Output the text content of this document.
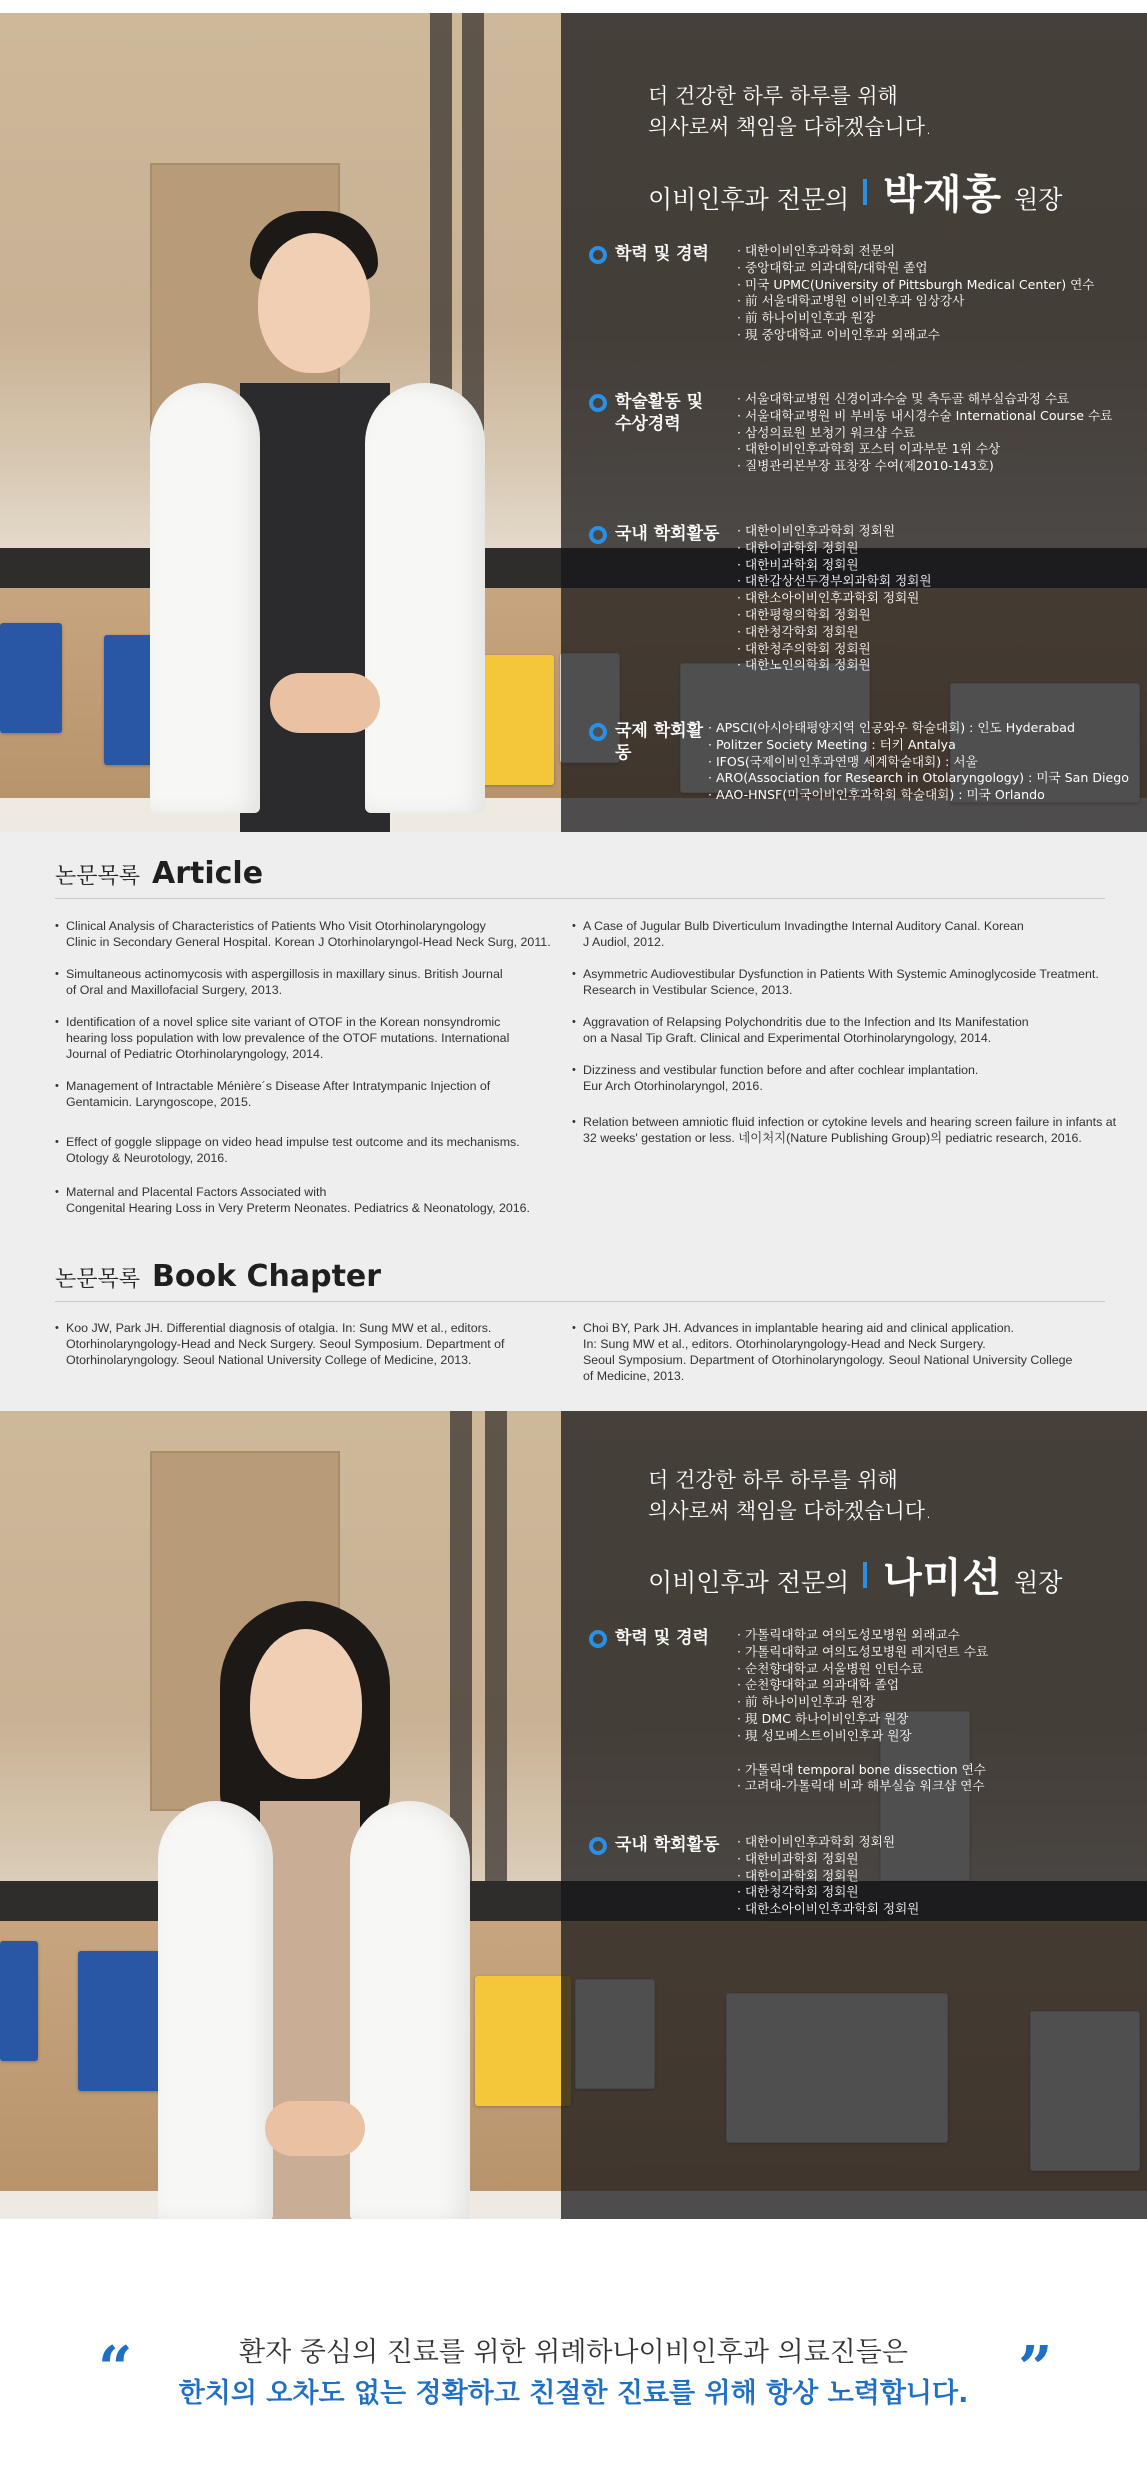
더 건강한 하루 하루를 위해
의사로써 책임을 다하겠습니다.
이비인후과 전문의 박재홍 원장
학력 및 경력	· 대한이비인후과학회 전문의
· 중앙대학교 의과대학/대학원 졸업
· 미국 UPMC(University of Pittsburgh Medical Center) 연수
· 前 서울대학교병원 이비인후과 임상강사
· 前 하나이비인후과 원장
· 現 중앙대학교 이비인후과 외래교수
학술활동 및
수상경력
· 서울대학교병원 신경이과수술 및 측두골 해부실습과정 수료
· 서울대학교병원 비 부비동 내시경수술 International Course 수료
· 삼성의료원 보청기 워크샵 수료
· 대한이비인후과학회 포스터 이과부문 1위 수상
· 질병관리본부장 표창장 수여(제2010-143호)
국내 학회활동	· 대한이비인후과학회 정회원
· 대한이과학회 정회원
· 대한비과학회 정회원
· 대한갑상선두경부외과학회 정회원
· 대한소아이비인후과학회 정회원
· 대한평형의학회 정회원
· 대한청각학회 정회원
· 대한청주의학회 정회원
· 대한노인의학회 정회원
국제 학회활동
· APSCI(아시아태평양지역 인공와우 학술대회) : 인도 Hyderabad
· Politzer Society Meeting : 터키 Antalya
· IFOS(국제이비인후과연맹 세계학술대회) : 서울
· ARO(Association for Research in Otolaryngology) : 미국 San Diego
· AAO-HNSF(미국이비인후과학회 학술대회) : 미국 Orlando
논문목록 Article
• Clinical Analysis of Characteristics of Patients Who Visit Otorhinolaryngology
Clinic in Secondary General Hospital. Korean J Otorhinolaryngol-Head Neck Surg, 2011.
• Simultaneous actinomycosis with aspergillosis in maxillary sinus. British Journal
of Oral and Maxillofacial Surgery, 2013.
• Identification of a novel splice site variant of OTOF in the Korean nonsyndromic
hearing loss population with low prevalence of the OTOF mutations. International
Journal of Pediatric Otorhinolaryngology, 2014.
• Management of Intractable Ménière´s Disease After Intratympanic Injection of
Gentamicin. Laryngoscope, 2015.
• Effect of goggle slippage on video head impulse test outcome and its mechanisms.
Otology & Neurotology, 2016.
• Maternal and Placental Factors Associated with
Congenital Hearing Loss in Very Preterm Neonates. Pediatrics & Neonatology, 2016.
• A Case of Jugular Bulb Diverticulum Invadingthe Internal Auditory Canal. Korean
J Audiol, 2012.
• Asymmetric Audiovestibular Dysfunction in Patients With Systemic Aminoglycoside Treatment.
Research in Vestibular Science, 2013.
• Aggravation of Relapsing Polychondritis due to the Infection and Its Manifestation
on a Nasal Tip Graft. Clinical and Experimental Otorhinolaryngology, 2014.
• Dizziness and vestibular function before and after cochlear implantation.
Eur Arch Otorhinolaryngol, 2016.
• Relation between amniotic fluid infection or cytokine levels and hearing screen failure in infants at
32 weeks' gestation or less. 네이처지(Nature Publishing Group)의 pediatric research, 2016.
논문목록 Book Chapter
• Koo JW, Park JH. Differential diagnosis of otalgia. In: Sung MW et al., editors.
Otorhinolaryngology-Head and Neck Surgery. Seoul Symposium. Department of
Otorhinolaryngology. Seoul National University College of Medicine, 2013.
• Choi BY, Park JH. Advances in implantable hearing aid and clinical application.
In: Sung MW et al., editors. Otorhinolaryngology-Head and Neck Surgery.
Seoul Symposium. Department of Otorhinolaryngology. Seoul National University College
of Medicine, 2013.
더 건강한 하루 하루를 위해
의사로써 책임을 다하겠습니다.
이비인후과 전문의 나미선 원장
학력 및 경력	· 가톨릭대학교 여의도성모병원 외래교수
· 가톨릭대학교 여의도성모병원 레지던트 수료
· 순천향대학교 서울병원 인턴수료
· 순천향대학교 의과대학 졸업
· 前 하나이비인후과 원장
· 現 DMC 하나이비인후과 원장
· 現 성모베스트이비인후과 원장
· 가톨릭대 temporal bone dissection 연수
· 고려대-가톨릭대 비과 해부실습 워크샵 연수
국내 학회활동	· 대한이비인후과학회 정회원
· 대한비과학회 정회원
· 대한이과학회 정회원
· 대한청각학회 정회원
· 대한소아이비인후과학회 정회원
“	환자 중심의 진료를 위한 위례하나이비인후과 의료진들은
한치의 오차도 없는 정확하고 친절한 진료를 위해 항상 노력합니다. ”
